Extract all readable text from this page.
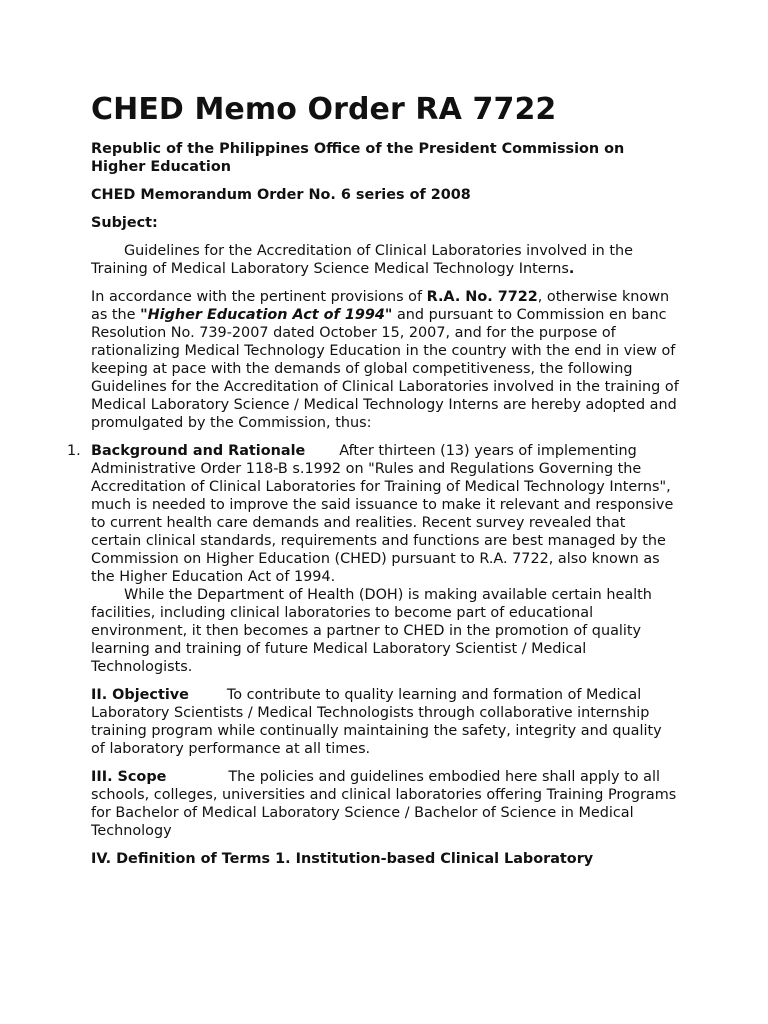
CHED Memo Order RA 7722

Republic of the Philippines Office of the President Commission on Higher Education

CHED Memorandum Order No. 6 series of 2008

Subject:

Guidelines for the Accreditation of Clinical Laboratories involved in the Training of Medical Laboratory Science Medical Technology Interns.

In accordance with the pertinent provisions of R.A. No. 7722, otherwise known as the "Higher Education Act of 1994" and pursuant to Commission en banc Resolution No. 739-2007 dated October 15, 2007, and for the purpose of rationalizing Medical Technology Education in the country with the end in view of keeping at pace with the demands of global competitiveness, the following Guidelines for the Accreditation of Clinical Laboratories involved in the training of Medical Laboratory Science / Medical Technology Interns are hereby adopted and promulgated by the Commission, thus:

1. Background and Rationale After thirteen (13) years of implementing Administrative Order 118-B s.1992 on "Rules and Regulations Governing the Accreditation of Clinical Laboratories for Training of Medical Technology Interns", much is needed to improve the said issuance to make it relevant and responsive to current health care demands and realities. Recent survey revealed that certain clinical standards, requirements and functions are best managed by the Commission on Higher Education (CHED) pursuant to R.A. 7722, also known as the Higher Education Act of 1994.
While the Department of Health (DOH) is making available certain health facilities, including clinical laboratories to become part of educational environment, it then becomes a partner to CHED in the promotion of quality learning and training of future Medical Laboratory Scientist / Medical Technologists.

II. Objective	To contribute to quality learning and formation of Medical Laboratory Scientists / Medical Technologists through collaborative internship training program while continually maintaining the safety, integrity and quality of laboratory performance at all times.

III. Scope	The policies and guidelines embodied here shall apply to all schools, colleges, universities and clinical laboratories offering Training Programs for Bachelor of Medical Laboratory Science / Bachelor of Science in Medical Technology

IV. Definition of Terms 1. Institution-based Clinical Laboratory
